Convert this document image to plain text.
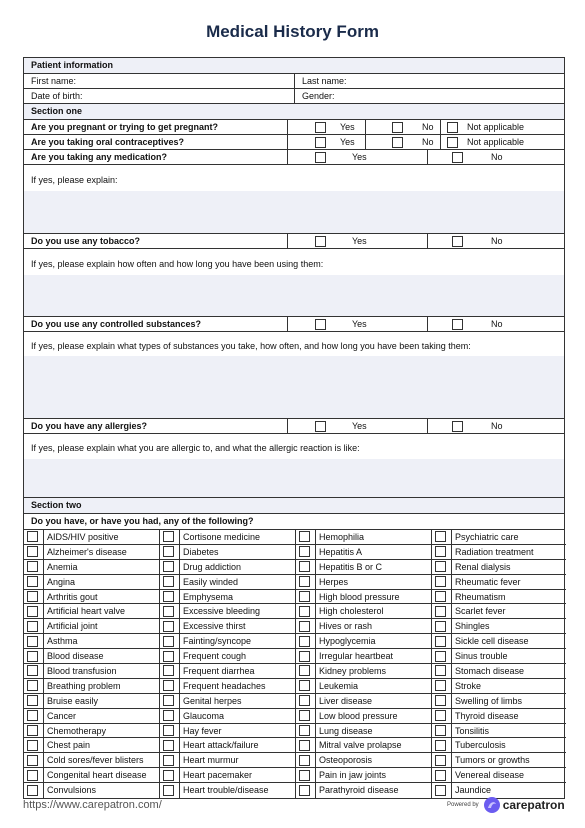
Medical History Form
Patient information
First name:	Last name:
Date of birth:	Gender:
Section one
Are you pregnant or trying to get pregnant?	Yes	No	Not applicable
Are you taking oral contraceptives?	Yes	No	Not applicable
Are you taking any medication?	Yes	No
If yes, please explain:
Do you use any tobacco?	Yes	No
If yes, please explain how often and how long you have been using them:
Do you use any controlled substances?	Yes	No
If yes, please explain what types of substances you take, how often, and how long you have been taking them:
Do you have any allergies?	Yes	No
If yes, please explain what you are allergic to, and what the allergic reaction is like:
Section two
Do you have, or have you had, any of the following?
AIDS/HIV positive	Cortisone medicine	Hemophilia	Psychiatric care
Alzheimer's disease	Diabetes	Hepatitis A	Radiation treatment
Anemia	Drug addiction	Hepatitis B or C	Renal dialysis
Angina	Easily winded	Herpes	Rheumatic fever
Arthritis gout	Emphysema	High blood pressure	Rheumatism
Artificial heart valve	Excessive bleeding	High cholesterol	Scarlet fever
Artificial joint	Excessive thirst	Hives or rash	Shingles
Asthma	Fainting/syncope	Hypoglycemia	Sickle cell disease
Blood disease	Frequent cough	Irregular heartbeat	Sinus trouble
Blood transfusion	Frequent diarrhea	Kidney problems	Stomach disease
Breathing problem	Frequent headaches	Leukemia	Stroke
Bruise easily	Genital herpes	Liver disease	Swelling of limbs
Cancer	Glaucoma	Low blood pressure	Thyroid disease
Chemotherapy	Hay fever	Lung disease	Tonsilitis
Chest pain	Heart attack/failure	Mitral valve prolapse	Tuberculosis
Cold sores/fever blisters	Heart murmur	Osteoporosis	Tumors or growths
Congenital heart disease	Heart pacemaker	Pain in jaw joints	Venereal disease
Convulsions	Heart trouble/disease	Parathyroid disease	Jaundice
https://www.carepatron.com/	Powered by carepatron
